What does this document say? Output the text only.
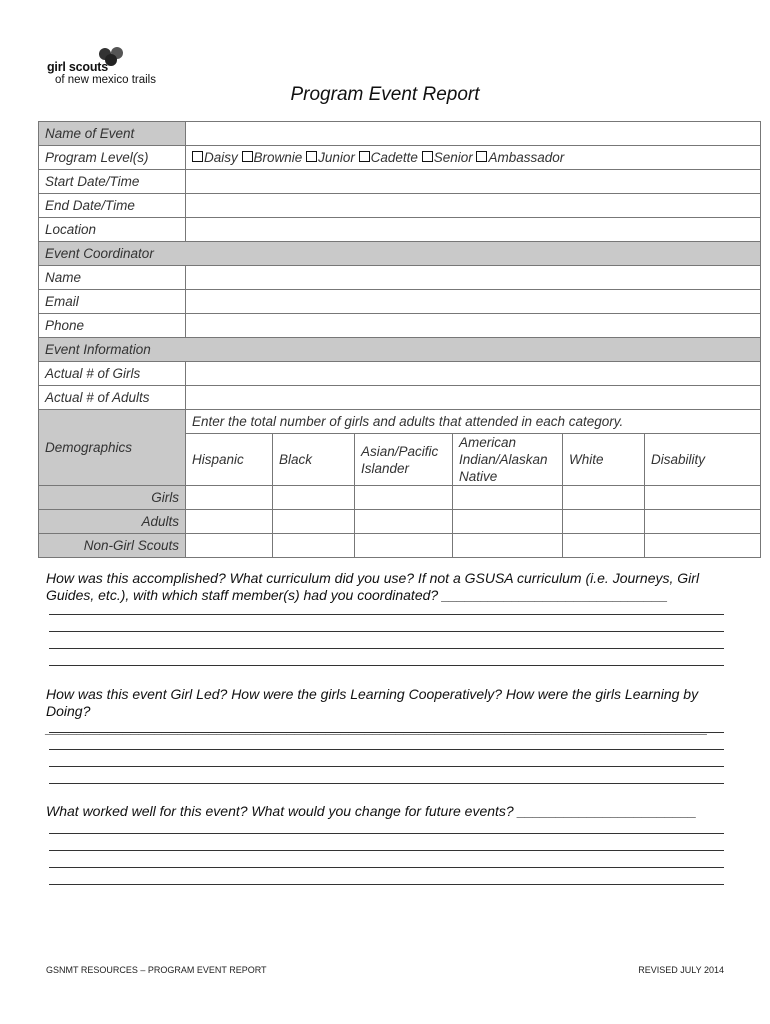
girl scouts
of new mexico trails
Program Event Report
Name of Event						
Program Level(s)	Daisy Brownie Junior Cadette Senior Ambassador					
Start Date/Time						
End Date/Time						
Location						
Event Coordinator						
Name						
Email						
Phone						
Event Information						
Actual # of Girls						
Actual # of Adults						
Demographics	Enter the total number of girls and adults that attended in each category.					
	Hispanic	Black	Asian/Pacific Islander	American Indian/Alaskan Native	White	Disability
Girls						
Adults						
Non-Girl Scouts						
How was this accomplished? What curriculum did you use? If not a GSUSA curriculum (i.e. Journeys, Girl Guides, etc.), with which staff member(s) had you coordinated? _____________________________
How was this event Girl Led? How were the girls Learning Cooperatively? How were the girls Learning by Doing? _____________________________________________________________________________________
What worked well for this event? What would you change for future events? _______________________
GSNMT RESOURCES – PROGRAM EVENT REPORT	REVISED JULY 2014
